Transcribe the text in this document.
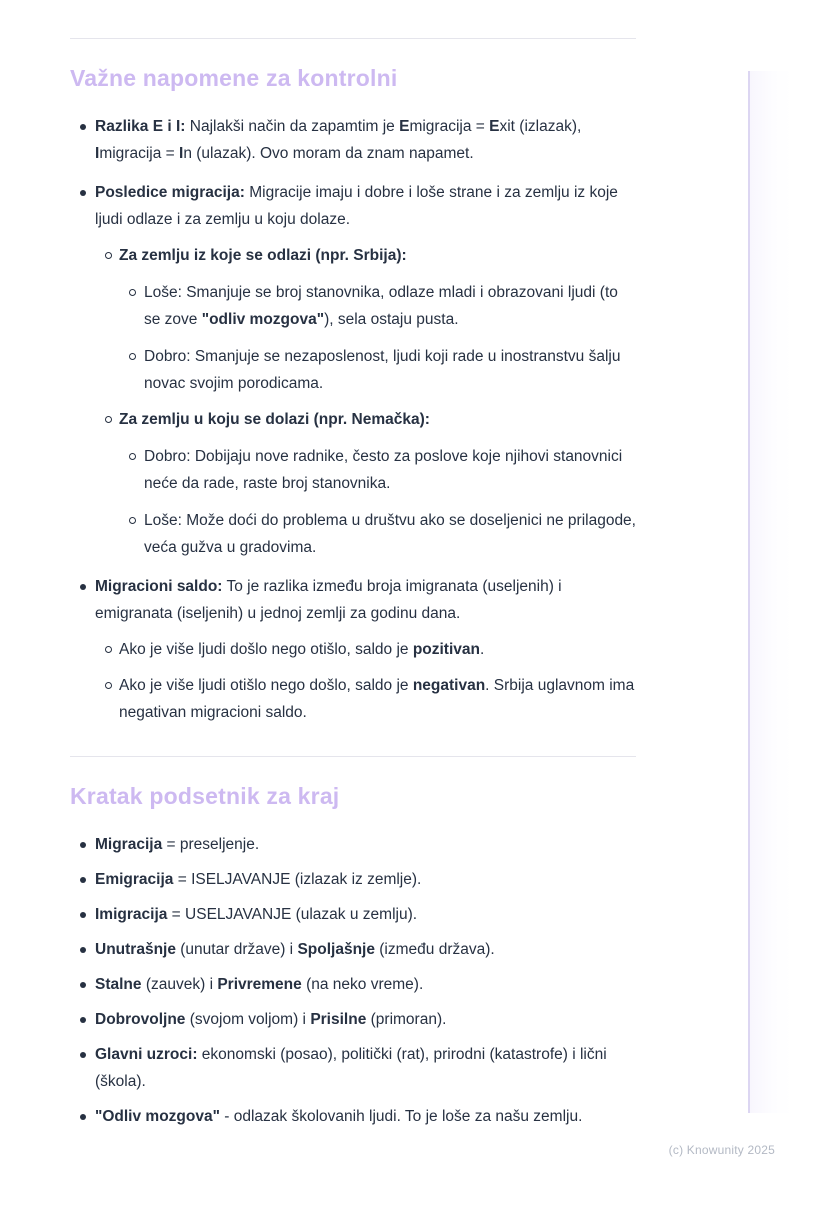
Važne napomene za kontrolni
Razlika E i I: Najlakši način da zapamtim je Emigracija = Exit (izlazak), Imigracija = In (ulazak). Ovo moram da znam napamet.
Posledice migracija: Migracije imaju i dobre i loše strane i za zemlju iz koje ljudi odlaze i za zemlju u koju dolaze.
Za zemlju iz koje se odlazi (npr. Srbija):
Loše: Smanjuje se broj stanovnika, odlaze mladi i obrazovani ljudi (to se zove "odliv mozgova"), sela ostaju pusta.
Dobro: Smanjuje se nezaposlenost, ljudi koji rade u inostranstvu šalju novac svojim porodicama.
Za zemlju u koju se dolazi (npr. Nemačka):
Dobro: Dobijaju nove radnike, često za poslove koje njihovi stanovnici neće da rade, raste broj stanovnika.
Loše: Može doći do problema u društvu ako se doseljenici ne prilagode, veća gužva u gradovima.
Migracioni saldo: To je razlika između broja imigranata (useljenih) i emigranata (iseljenih) u jednoj zemlji za godinu dana.
Ako je više ljudi došlo nego otišlo, saldo je pozitivan.
Ako je više ljudi otišlo nego došlo, saldo je negativan. Srbija uglavnom ima negativan migracioni saldo.
Kratak podsetnik za kraj
Migracija = preseljenje.
Emigracija = ISELJAVANJE (izlazak iz zemlje).
Imigracija = USELJAVANJE (ulazak u zemlju).
Unutrašnje (unutar države) i Spoljašnje (između država).
Stalne (zauvek) i Privremene (na neko vreme).
Dobrovoljne (svojom voljom) i Prisilne (primoran).
Glavni uzroci: ekonomski (posao), politički (rat), prirodni (katastrofe) i lični (škola).
"Odliv mozgova" - odlazak školovanih ljudi. To je loše za našu zemlju.
(c) Knowunity 2025
